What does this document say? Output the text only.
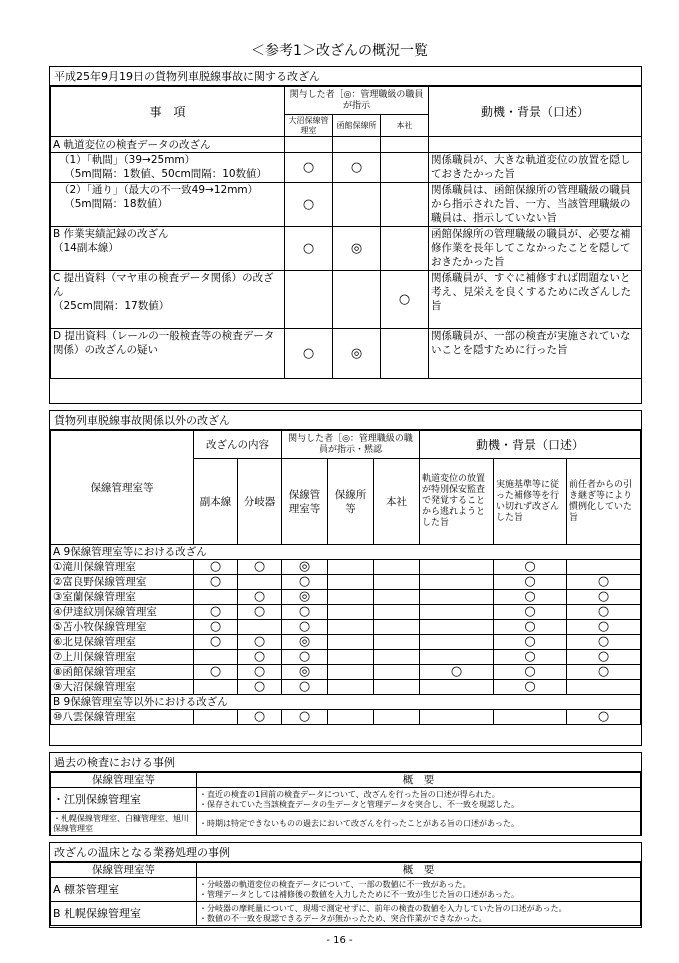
＜参考1＞改ざんの概況一覧
平成25年9月19日の貨物列車脱線事故に関する改ざん
事　項	関与した者［◎：管理職級の職員が指示			動機・背景（口述）
	大沼保線管理室	函館保線所	本社	
A 軌道変位の検査データの改ざん				
（1）「軌間」（39→25mm）
　（5m間隔：1数値、50cm間隔：10数値）	○	○		関係職員が、大きな軌道変位の放置を隠しておきたかった旨
（2）「通り」（最大の不一致49→12mm）
　（5m間隔：18数値）	○			関係職員は、函館保線所の管理職級の職員から指示された旨、一方、当該管理職級の職員は、指示していない旨
B 作業実績記録の改ざん
（14副本線）	○	◎		函館保線所の管理職級の職員が、必要な補修作業を長年してこなかったことを隠しておきたかった旨
C 提出資料（マヤ車の検査データ関係）の改ざん
（25cm間隔：17数値）			○	関係職員が、すぐに補修すれば問題ないと考え、見栄えを良くするために改ざんした旨
D 提出資料（レールの一般検査等の検査データ関係）の改ざんの疑い	○	◎		関係職員が、一部の検査が実施されていないことを隠すために行った旨
貨物列車脱線事故関係以外の改ざん
保線管理室等	改ざんの内容		関与した者［◎：管理職級の職員が指示・黙認			動機・背景（口述）		
	副本線	分岐器	保線管理室等	保線所等	本社	軌道変位の放置が特別保安監査で発覚することから逃れようとした旨	実施基準等に従った補修等を行い切れず改ざんした旨	前任者からの引き継ぎ等により慣例化していた旨
A 9保線管理室等における改ざん								
①滝川保線管理室	○	○	◎				○	
②富良野保線管理室	○		○				○	○
③室蘭保線管理室		○	◎				○	○
④伊達紋別保線管理室	○	○	○				○	○
⑤苫小牧保線管理室	○		○				○	○
⑥北見保線管理室	○	○	◎				○	○
⑦上川保線管理室		○	○				○	○
⑧函館保線管理室	○	○	◎			○	○	○
⑨大沼保線管理室		○	○				○	
B 9保線管理室等以外における改ざん								
⑩八雲保線管理室		○	○					○
過去の検査における事例
保線管理室等	概　要
・江別保線管理室	・直近の検査の1回前の検査データについて、改ざんを行った旨の口述が得られた。
・保存されていた当該検査データの生データと管理データを突合し、不一致を現認した。
・札幌保線管理室、白糠管理室、旭川保線管理室	・時期は特定できないものの過去において改ざんを行ったことがある旨の口述があった。
改ざんの温床となる業務処理の事例
保線管理室等	概　要
A 標茶管理室	・分岐器の軌道変位の検査データについて、一部の数値に不一致があった。
・管理データとしては補修後の数値を入力したために不一致が生じた旨の口述があった。
B 札幌保線管理室	・分岐器の摩耗量について、現場で測定せずに、前年の検査の数値を入力していた旨の口述があった。
・数値の不一致を現認できるデータが無かったため、突合作業ができなかった。
- 16 -
